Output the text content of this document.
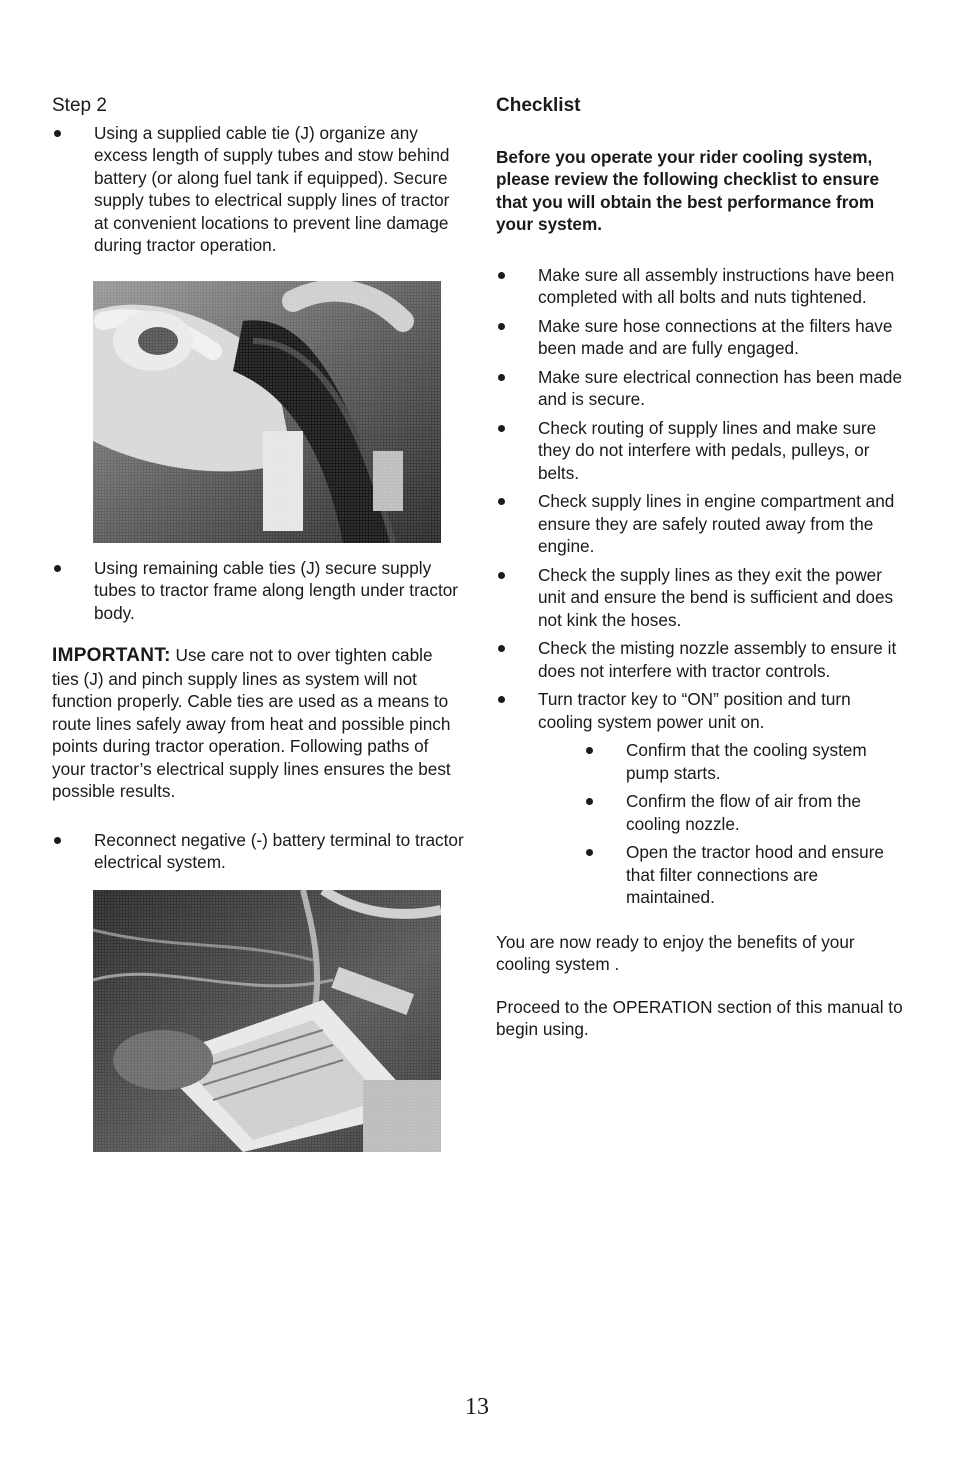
Step 2
Using a supplied cable tie (J) organize any excess length of supply tubes and stow behind battery (or along fuel tank if equipped). Secure supply tubes to electrical supply lines of tractor at convenient locations to prevent line damage during tractor operation.
Using remaining cable ties (J) secure supply tubes to tractor frame along length under tractor body.

IMPORTANT: Use care not to over tighten cable ties (J) and pinch supply lines as system will not function properly. Cable ties are used as a means to route lines safely away from heat and possible pinch points during tractor operation. Following paths of your tractor’s electrical supply lines ensures the best possible results.

Reconnect negative (-) battery terminal to tractor electrical system.
Checklist

Before you operate your rider cooling system, please review the following checklist to ensure that you will obtain the best performance from your system.

Make sure all assembly instructions have been completed with all bolts and nuts tightened.
Make sure hose connections at the filters have been made and are fully engaged.
Make sure electrical connection has been made and is secure.
Check routing of supply lines and make sure they do not interfere with pedals, pulleys, or belts.
Check supply lines in engine compartment and ensure they are safely routed away from the engine.
Check the supply lines as they exit the power unit and ensure the bend is sufficient and does not kink the hoses.
Check the misting nozzle assembly to ensure it does not interfere with tractor controls.
Turn tractor key to “ON” position and turn cooling system power unit on.
Confirm that the cooling system pump starts.
Confirm the flow of air from the cooling nozzle.
Open the tractor hood and ensure that filter connections are maintained.

You are now ready to enjoy the benefits of your cooling system .

Proceed to the OPERATION section of this manual to begin using.

13
